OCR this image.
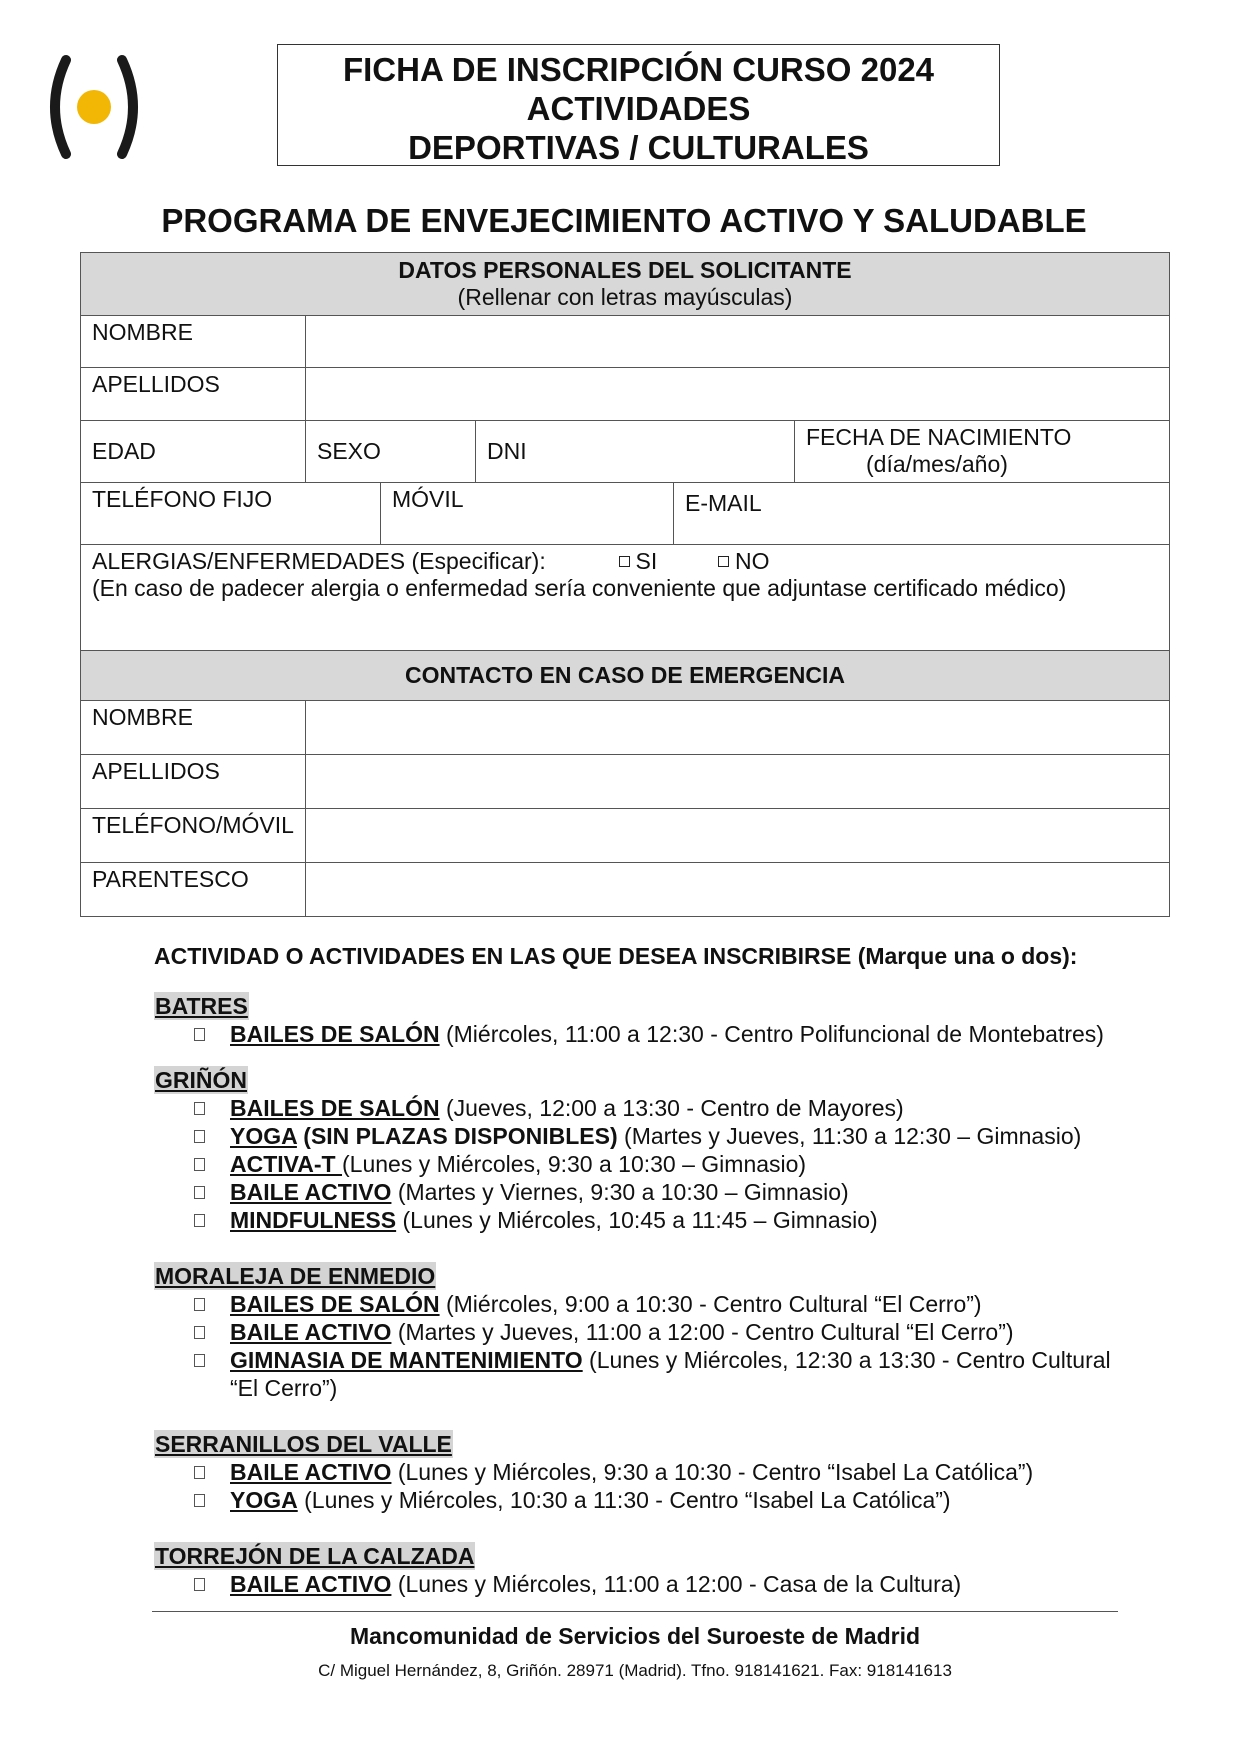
FICHA DE INSCRIPCIÓN CURSO 2024
ACTIVIDADES
DEPORTIVAS / CULTURALES
PROGRAMA DE ENVEJECIMIENTO ACTIVO Y SALUDABLE
DATOS PERSONALES DEL SOLICITANTE
(Rellenar con letras mayúsculas)					

NOMBRE					
APELLIDOS					
EDAD	SEXO		DNI		FECHA DE NACIMIENTO
(día/mes/año)

TELÉFONO FIJO		MÓVIL		E-MAIL	

ALERGIAS/ENFERMEDADES (Especificar): SI NO
(En caso de padecer alergia o enfermedad sería conveniente que adjuntase certificado médico)					

CONTACTO EN CASO DE EMERGENCIA					
NOMBRE					
APELLIDOS					
TELÉFONO/MÓVIL					
PARENTESCO					
ACTIVIDAD O ACTIVIDADES EN LAS QUE DESEA INSCRIBIRSE (Marque una o dos):
BATRES
BAILES DE SALÓN (Miércoles, 11:00 a 12:30 - Centro Polifuncional de Montebatres)
GRIÑÓN
BAILES DE SALÓN (Jueves, 12:00 a 13:30 - Centro de Mayores)
YOGA (SIN PLAZAS DISPONIBLES) (Martes y Jueves, 11:30 a 12:30 – Gimnasio)
ACTIVA-T (Lunes y Miércoles, 9:30 a 10:30 – Gimnasio)
BAILE ACTIVO (Martes y Viernes, 9:30 a 10:30 – Gimnasio)
MINDFULNESS (Lunes y Miércoles, 10:45 a 11:45 – Gimnasio)
MORALEJA DE ENMEDIO
BAILES DE SALÓN (Miércoles, 9:00 a 10:30 - Centro Cultural “El Cerro”)
BAILE ACTIVO (Martes y Jueves, 11:00 a 12:00 - Centro Cultural “El Cerro”)
GIMNASIA DE MANTENIMIENTO (Lunes y Miércoles, 12:30 a 13:30 - Centro Cultural “El Cerro”)
SERRANILLOS DEL VALLE
BAILE ACTIVO (Lunes y Miércoles, 9:30 a 10:30 - Centro “Isabel La Católica”)
YOGA (Lunes y Miércoles, 10:30 a 11:30 - Centro “Isabel La Católica”)
TORREJÓN DE LA CALZADA
BAILE ACTIVO (Lunes y Miércoles, 11:00 a 12:00 - Casa de la Cultura)
Mancomunidad de Servicios del Suroeste de Madrid
C/ Miguel Hernández, 8, Griñón. 28971 (Madrid). Tfno. 918141621. Fax: 918141613
